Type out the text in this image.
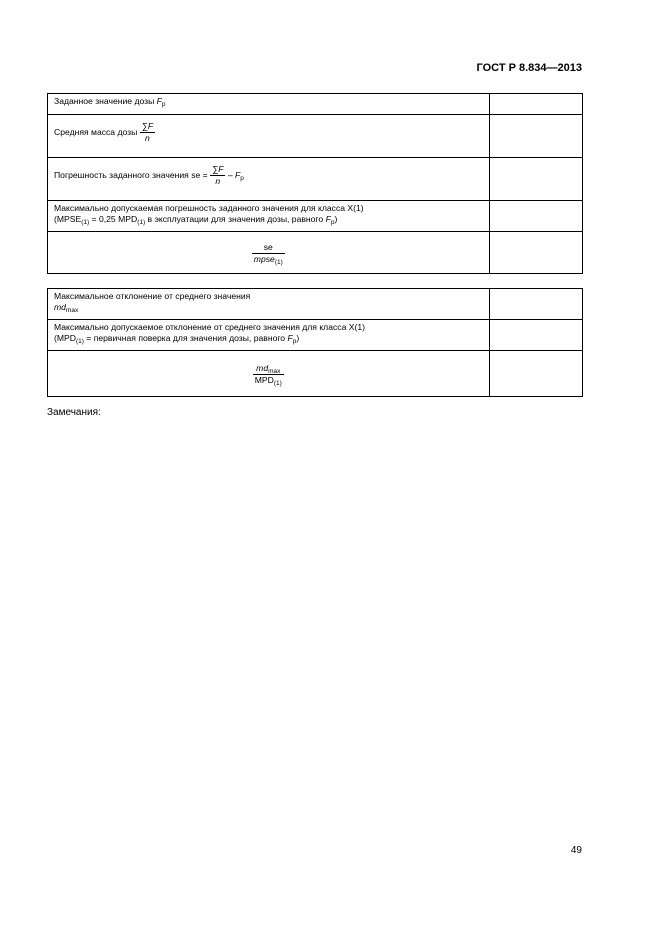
ГОСТ Р 8.834—2013
Заданное значение дозы $F_p$	
Средняя масса дозы $\frac{\sum F}{n}$

Погрешность заданного значения se = $\frac{\sum F}{n} - F_p$	

Максимально допускаемая погрешность заданного значения для класса X(1)
($MPSE_{(1)} = 0,25$ $MPD_{(1)}$ в эксплуатации для значения дозы, равного $F_p$)	

$\frac{se}{mpse_{(1)}}$

Максимальное отклонение от среднего значения
$md_{max}$

Максимально допускаемое отклонение от среднего значения для класса X(1)
($MPD_{(1)}$ = первичная поверка для значения дозы, равного $F_p$)	

$\frac{md_{max}}{MPD_{(1)}}$

Замечания:
49
